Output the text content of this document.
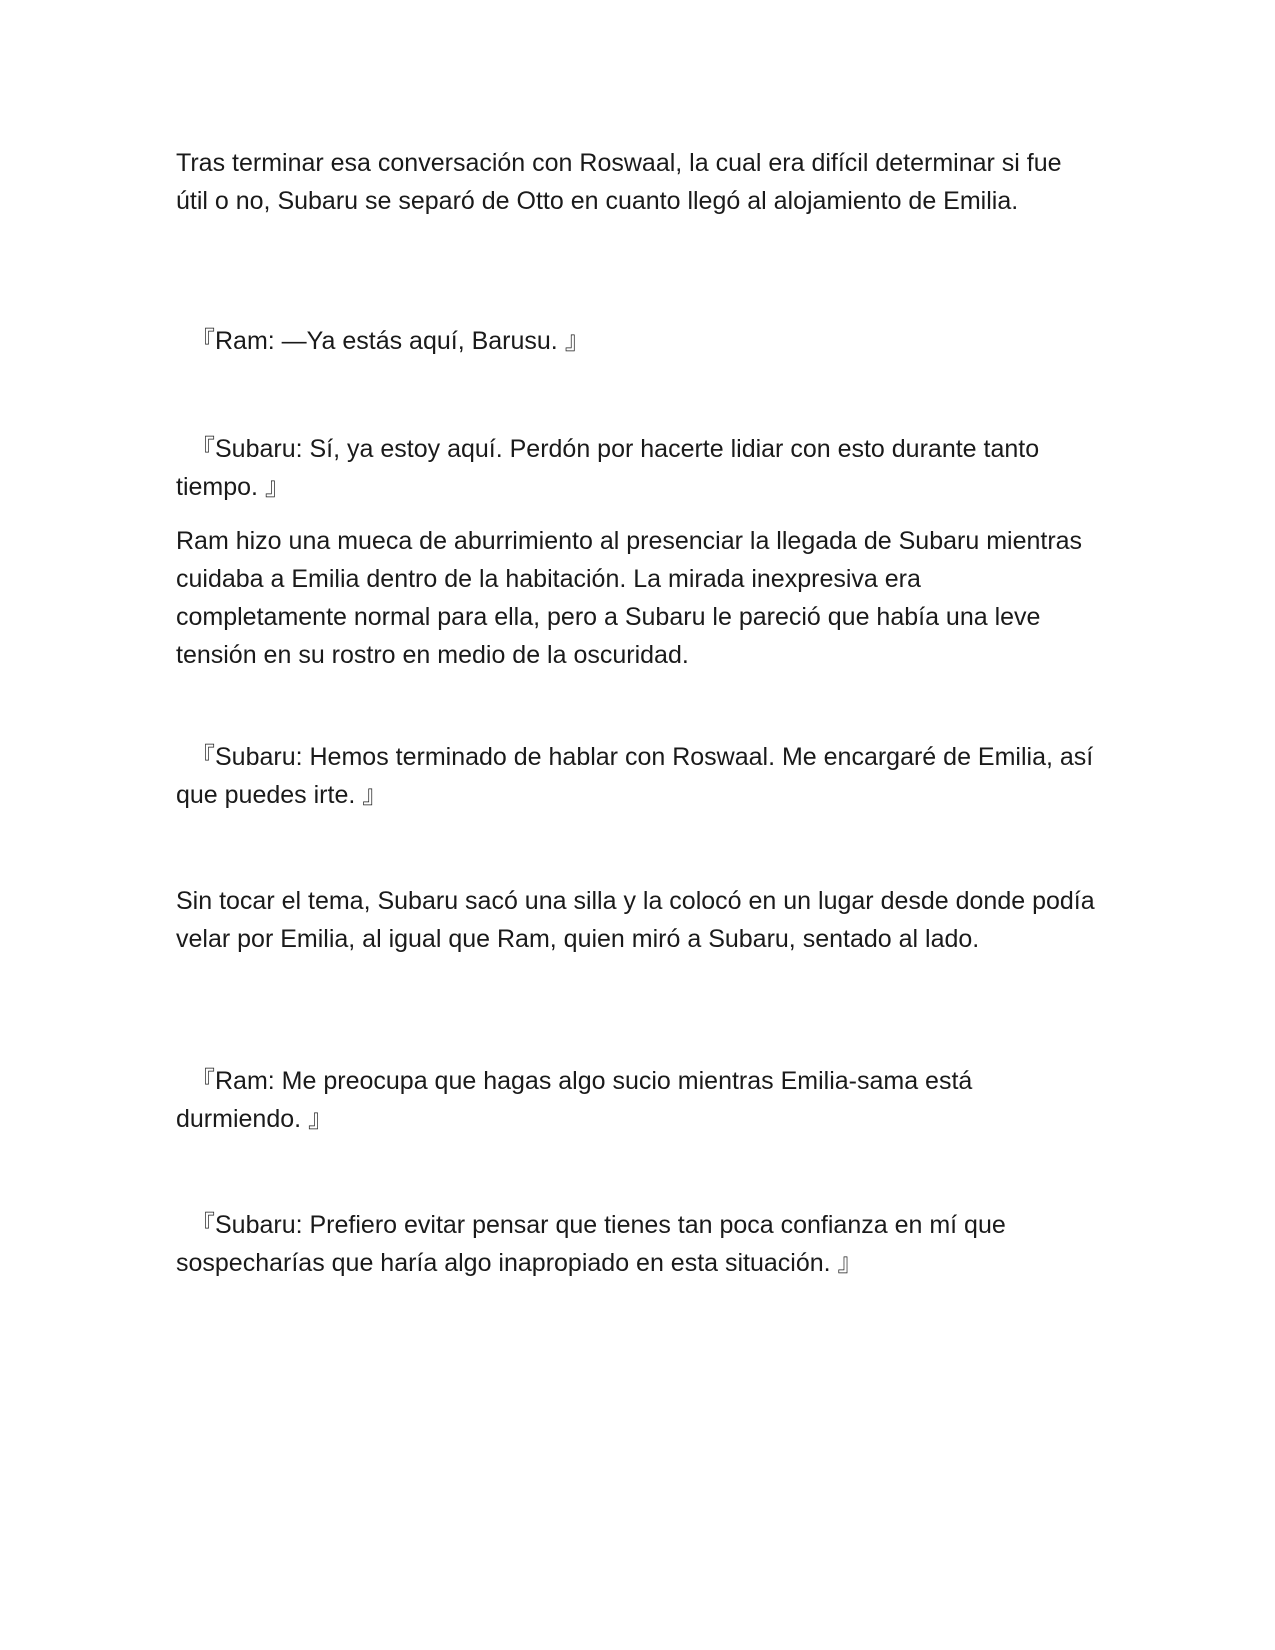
Tras terminar esa conversación con Roswaal, la cual era difícil determinar si fue útil o no, Subaru se separó de Otto en cuanto llegó al alojamiento de Emilia.

『Ram: —Ya estás aquí, Barusu. 』

『Subaru: Sí, ya estoy aquí. Perdón por hacerte lidiar con esto durante tanto tiempo. 』

Ram hizo una mueca de aburrimiento al presenciar la llegada de Subaru mientras cuidaba a Emilia dentro de la habitación. La mirada inexpresiva era completamente normal para ella, pero a Subaru le pareció que había una leve tensión en su rostro en medio de la oscuridad.

『Subaru: Hemos terminado de hablar con Roswaal. Me encargaré de Emilia, así que puedes irte. 』

Sin tocar el tema, Subaru sacó una silla y la colocó en un lugar desde donde podía velar por Emilia, al igual que Ram, quien miró a Subaru, sentado al lado.

『Ram: Me preocupa que hagas algo sucio mientras Emilia-sama está durmiendo. 』

『Subaru: Prefiero evitar pensar que tienes tan poca confianza en mí que sospecharías que haría algo inapropiado en esta situación. 』
